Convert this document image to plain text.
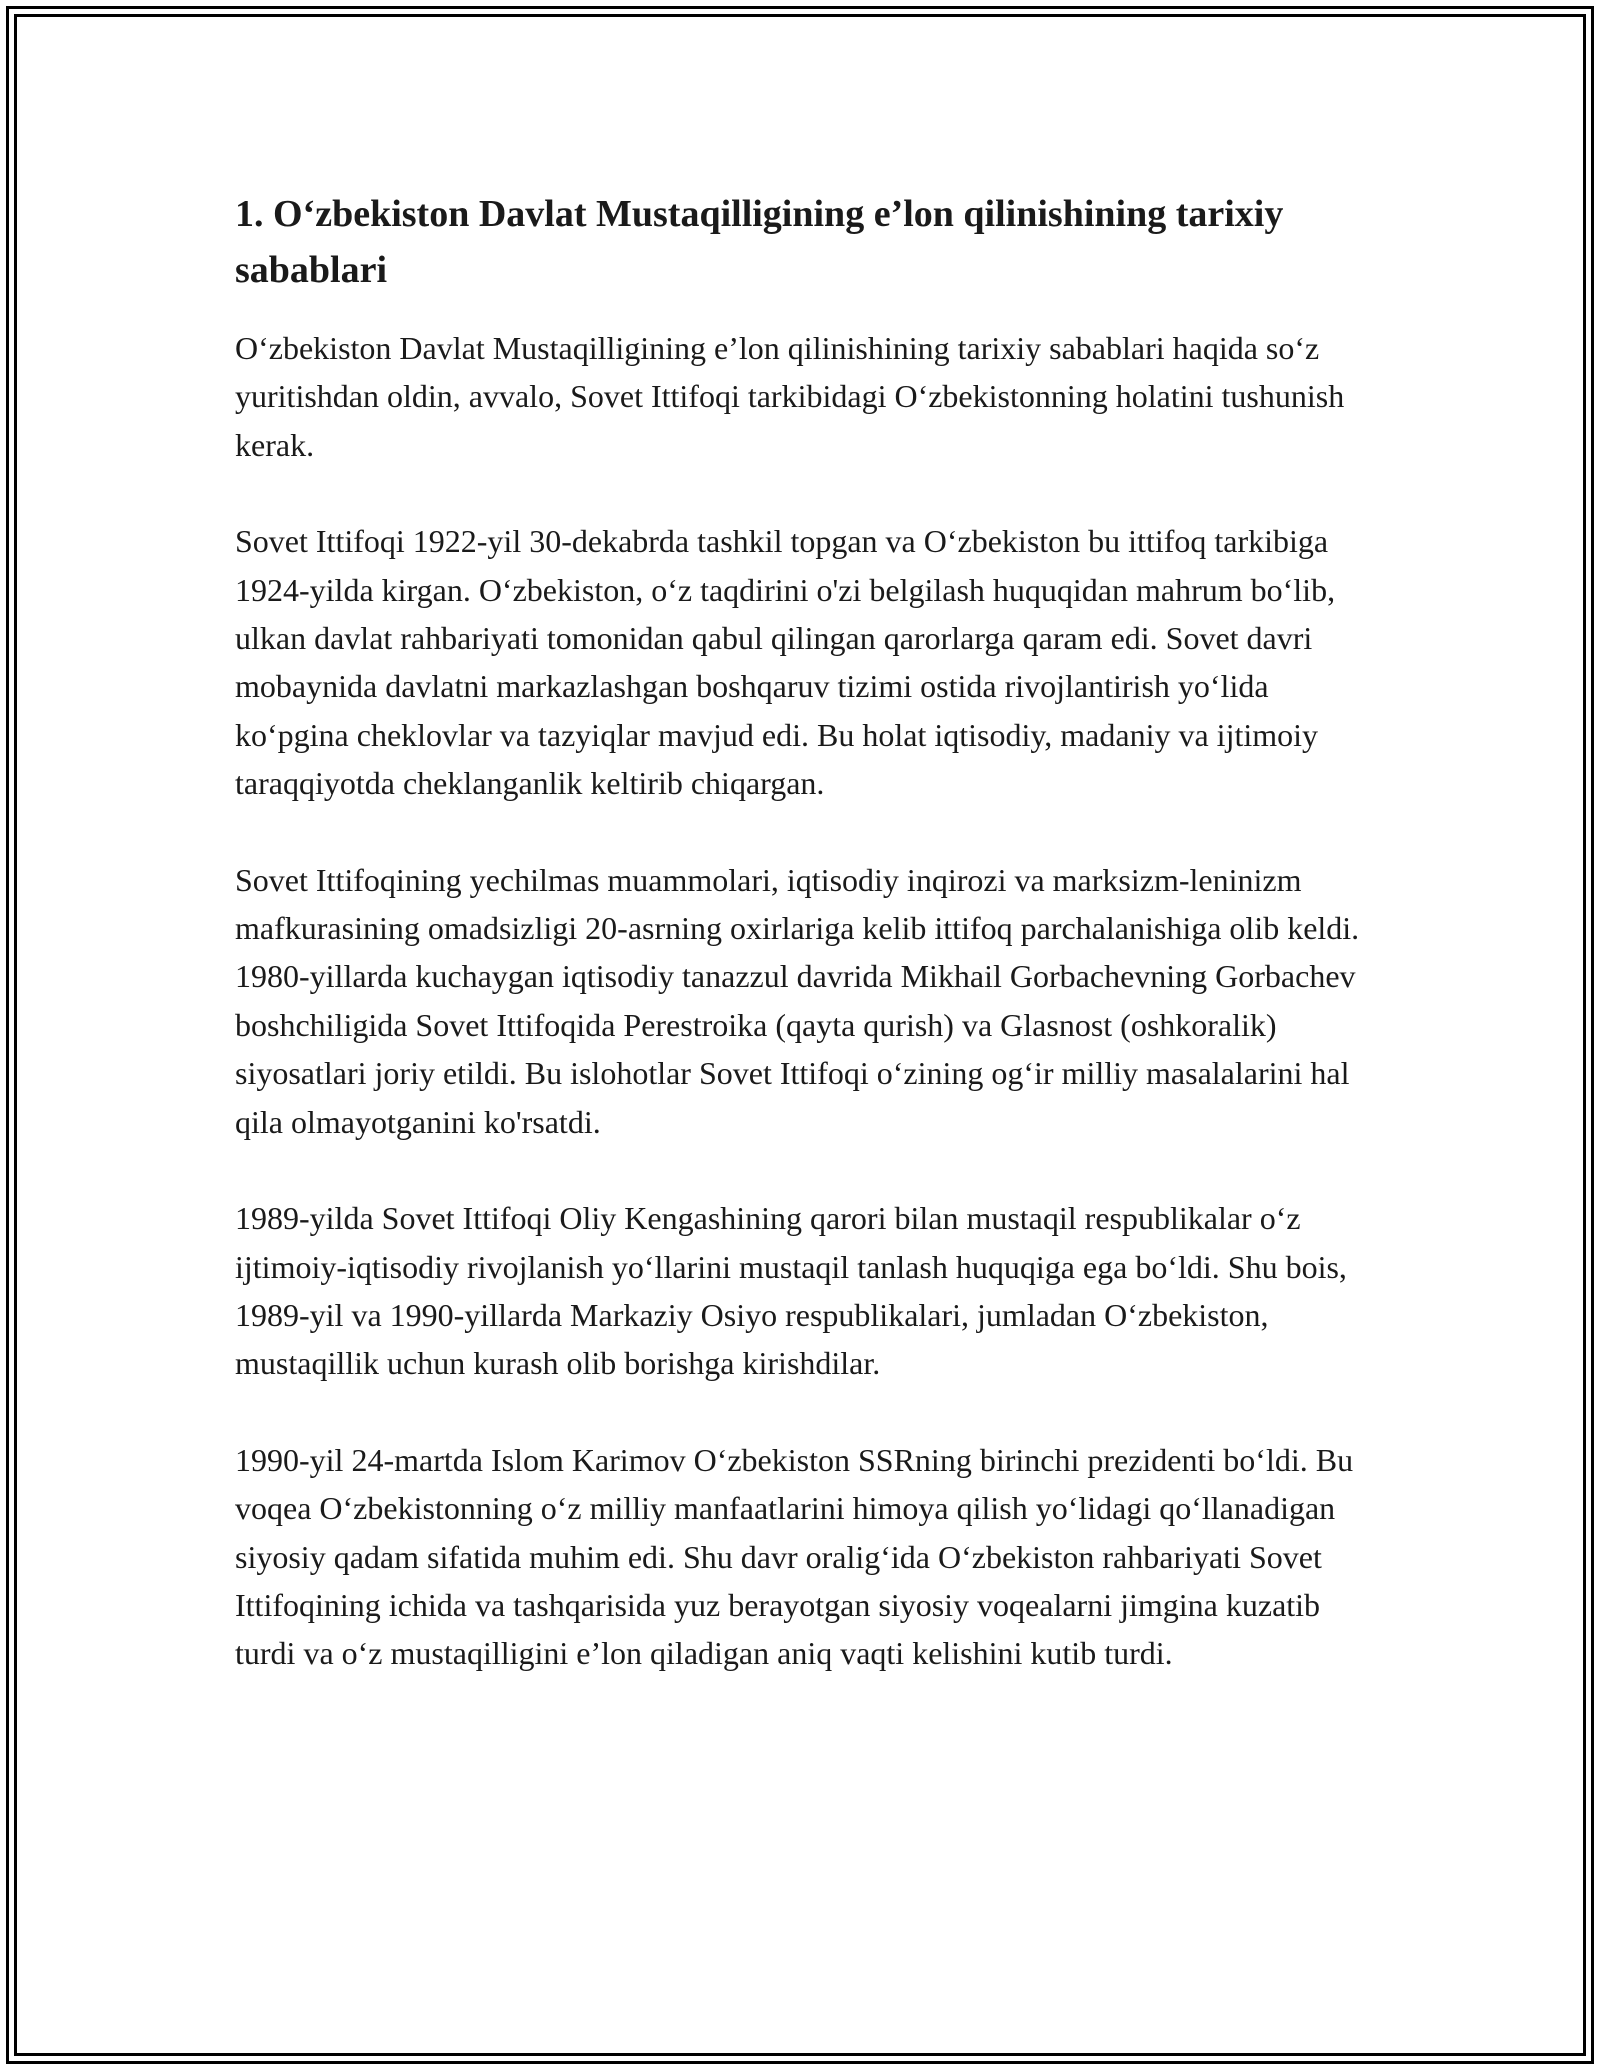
1. O‘zbekiston Davlat Mustaqilligining e’lon qilinishining tarixiy sabablari

O‘zbekiston Davlat Mustaqilligining e’lon qilinishining tarixiy sabablari haqida so‘z yuritishdan oldin, avvalo, Sovet Ittifoqi tarkibidagi O‘zbekistonning holatini tushunish kerak.

Sovet Ittifoqi 1922-yil 30-dekabrda tashkil topgan va O‘zbekiston bu ittifoq tarkibiga 1924-yilda kirgan. O‘zbekiston, o‘z taqdirini o'zi belgilash huquqidan mahrum bo‘lib, ulkan davlat rahbariyati tomonidan qabul qilingan qarorlarga qaram edi. Sovet davri mobaynida davlatni markazlashgan boshqaruv tizimi ostida rivojlantirish yo‘lida ko‘pgina cheklovlar va tazyiqlar mavjud edi. Bu holat iqtisodiy, madaniy va ijtimoiy taraqqiyotda cheklanganlik keltirib chiqargan.

Sovet Ittifoqining yechilmas muammolari, iqtisodiy inqirozi va marksizm-leninizm mafkurasining omadsizligi 20-asrning oxirlariga kelib ittifoq parchalanishiga olib keldi. 1980-yillarda kuchaygan iqtisodiy tanazzul davrida Mikhail Gorbachevning Gorbachev boshchiligida Sovet Ittifoqida Perestroika (qayta qurish) va Glasnost (oshkoralik) siyosatlari joriy etildi. Bu islohotlar Sovet Ittifoqi o‘zining og‘ir milliy masalalarini hal qila olmayotganini ko'rsatdi.

1989-yilda Sovet Ittifoqi Oliy Kengashining qarori bilan mustaqil respublikalar o‘z ijtimoiy-iqtisodiy rivojlanish yo‘llarini mustaqil tanlash huquqiga ega bo‘ldi. Shu bois, 1989-yil va 1990-yillarda Markaziy Osiyo respublikalari, jumladan O‘zbekiston, mustaqillik uchun kurash olib borishga kirishdilar.

1990-yil 24-martda Islom Karimov O‘zbekiston SSRning birinchi prezidenti bo‘ldi. Bu voqea O‘zbekistonning o‘z milliy manfaatlarini himoya qilish yo‘lidagi qo‘llanadigan siyosiy qadam sifatida muhim edi. Shu davr oralig‘ida O‘zbekiston rahbariyati Sovet Ittifoqining ichida va tashqarisida yuz berayotgan siyosiy voqealarni jimgina kuzatib turdi va o‘z mustaqilligini e’lon qiladigan aniq vaqti kelishini kutib turdi.
